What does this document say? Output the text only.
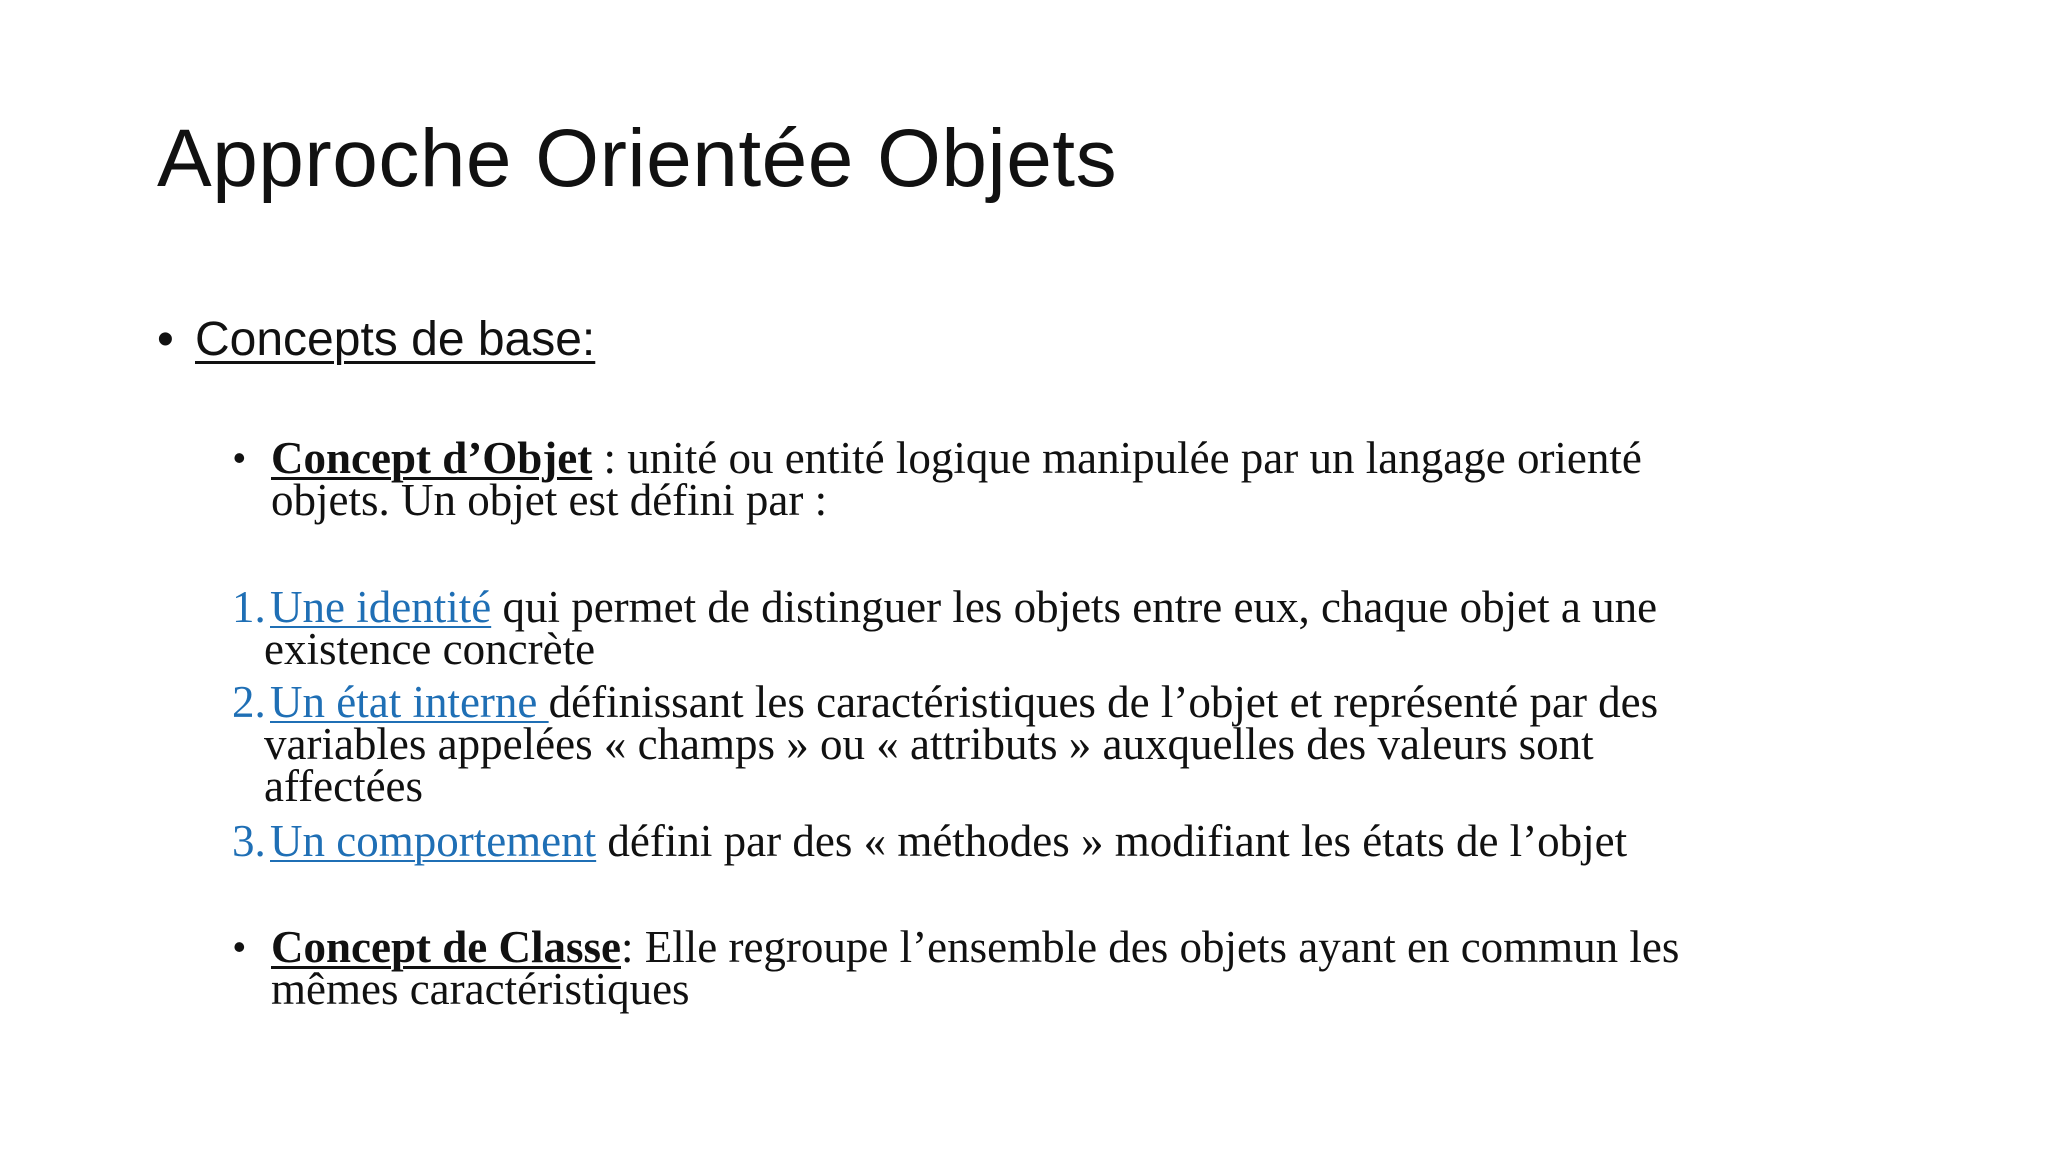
Approche Orientée Objets
• Concepts de base:
• Concept d’Objet : unité ou entité logique manipulée par un langage orienté
objets. Un objet est défini par :
1. Une identité qui permet de distinguer les objets entre eux, chaque objet a une
existence concrète
2. Un état interne définissant les caractéristiques de l’objet et représenté par des
variables appelées « champs » ou « attributs » auxquelles des valeurs sont
affectées
3. Un comportement défini par des « méthodes » modifiant les états de l’objet
• Concept de Classe: Elle regroupe l’ensemble des objets ayant en commun les
mêmes caractéristiques
